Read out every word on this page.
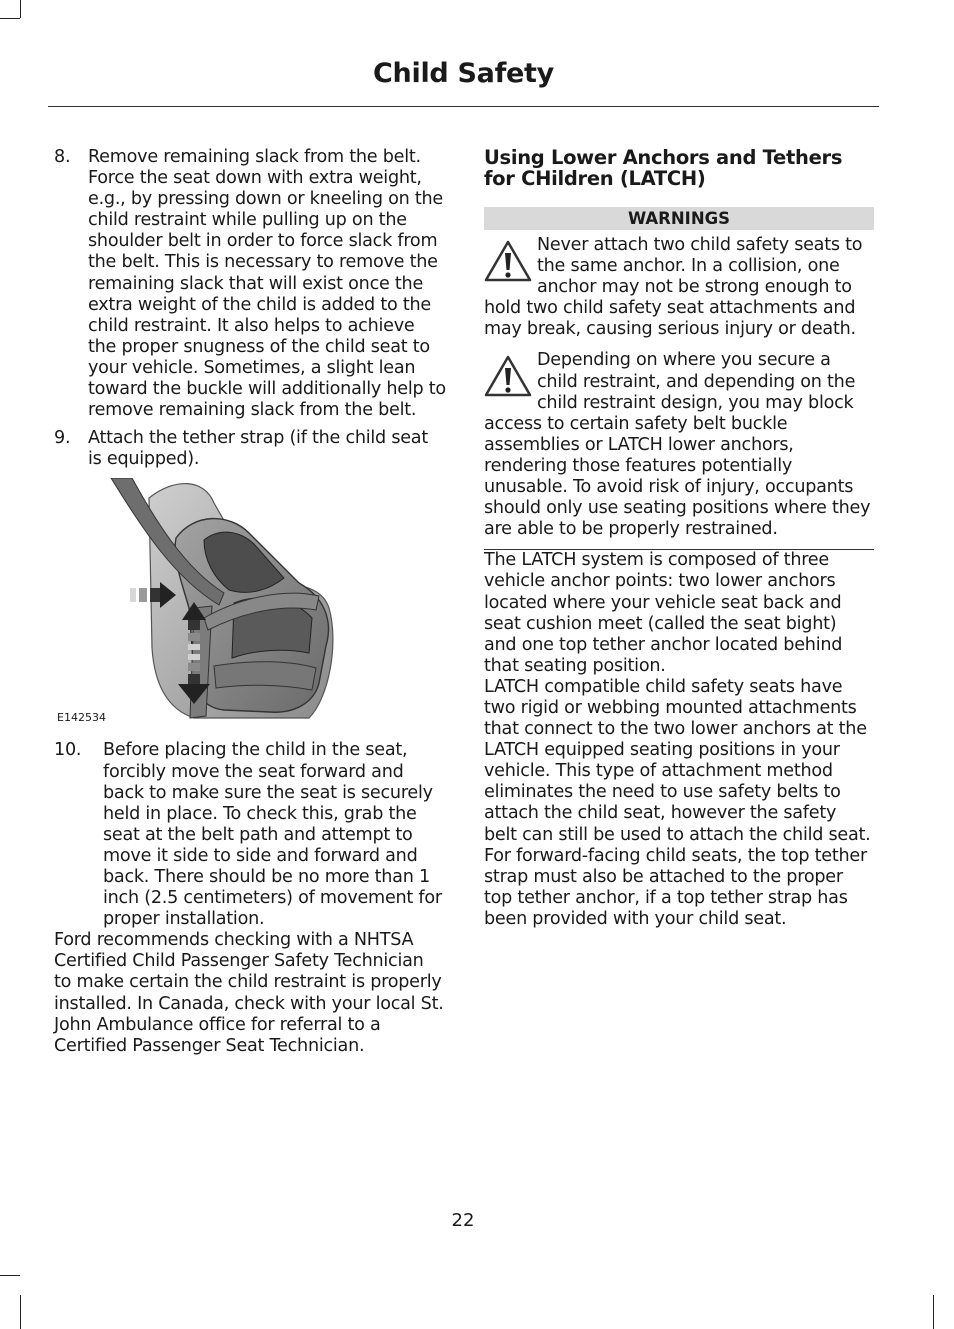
Child Safety
8. Remove remaining slack from the belt. Force the seat down with extra weight, e.g., by pressing down or kneeling on the child restraint while pulling up on the shoulder belt in order to force slack from the belt. This is necessary to remove the remaining slack that will exist once the extra weight of the child is added to the child restraint. It also helps to achieve the proper snugness of the child seat to your vehicle. Sometimes, a slight lean toward the buckle will additionally help to remove remaining slack from the belt.
9. Attach the tether strap (if the child seat is equipped).
E142534
10. Before placing the child in the seat, forcibly move the seat forward and back to make sure the seat is securely held in place. To check this, grab the seat at the belt path and attempt to move it side to side and forward and back. There should be no more than 1 inch (2.5 centimeters) of movement for proper installation.

Ford recommends checking with a NHTSA Certified Child Passenger Safety Technician to make certain the child restraint is properly installed. In Canada, check with your local St. John Ambulance office for referral to a Certified Passenger Seat Technician.

Using Lower Anchors and Tethers for CHildren (LATCH)
WARNINGS
Never attach two child safety seats to the same anchor. In a collision, one anchor may not be strong enough to hold two child safety seat attachments and may break, causing serious injury or death.
Depending on where you secure a child restraint, and depending on the child restraint design, you may block access to certain safety belt buckle assemblies or LATCH lower anchors, rendering those features potentially unusable. To avoid risk of injury, occupants should only use seating positions where they are able to be properly restrained.

The LATCH system is composed of three vehicle anchor points: two lower anchors located where your vehicle seat back and seat cushion meet (called the seat bight) and one top tether anchor located behind that seating position.

LATCH compatible child safety seats have two rigid or webbing mounted attachments that connect to the two lower anchors at the LATCH equipped seating positions in your vehicle. This type of attachment method eliminates the need to use safety belts to attach the child seat, however the safety belt can still be used to attach the child seat. For forward-facing child seats, the top tether strap must also be attached to the proper top tether anchor, if a top tether strap has been provided with your child seat.

22
